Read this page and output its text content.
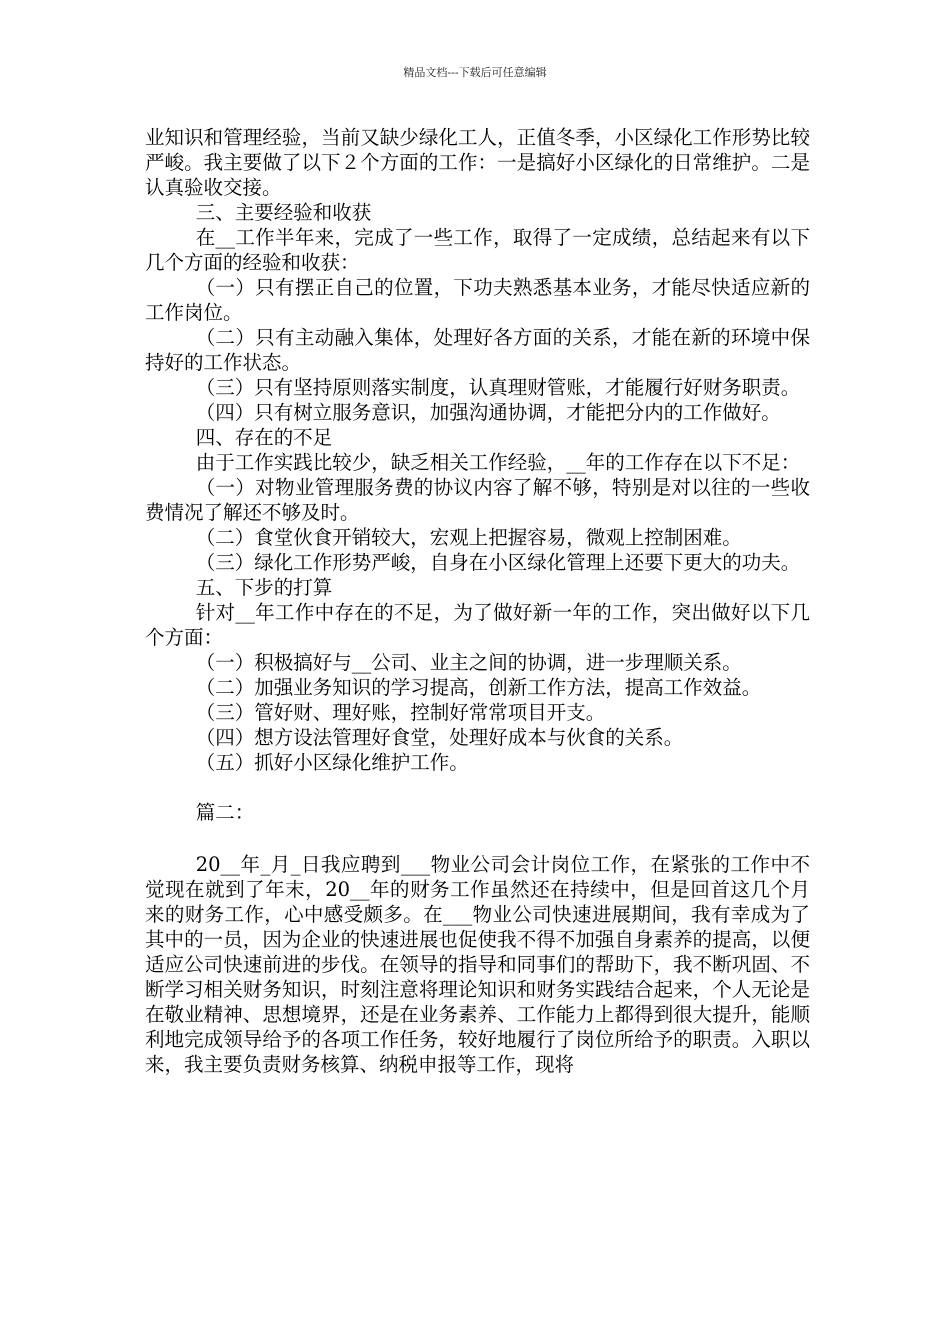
精品文档---下载后可任意编辑

业知识和管理经验，当前又缺少绿化工人，正值冬季，小区绿化工作形势比较严峻。我主要做了以下２个方面的工作：一是搞好小区绿化的日常维护。二是认真验收交接。

三、主要经验和收获

在__工作半年来，完成了一些工作，取得了一定成绩，总结起来有以下几个方面的经验和收获：

（一）只有摆正自己的位置，下功夫熟悉基本业务，才能尽快适应新的工作岗位。

（二）只有主动融入集体，处理好各方面的关系，才能在新的环境中保持好的工作状态。

（三）只有坚持原则落实制度，认真理财管账，才能履行好财务职责。

（四）只有树立服务意识，加强沟通协调，才能把分内的工作做好。

四、存在的不足

由于工作实践比较少，缺乏相关工作经验，__年的工作存在以下不足：

（一）对物业管理服务费的协议内容了解不够，特别是对以往的一些收费情况了解还不够及时。

（二）食堂伙食开销较大，宏观上把握容易，微观上控制困难。

（三）绿化工作形势严峻，自身在小区绿化管理上还要下更大的功夫。

五、下步的打算

针对__年工作中存在的不足，为了做好新一年的工作，突出做好以下几个方面：

（一）积极搞好与__公司、业主之间的协调，进一步理顺关系。

（二）加强业务知识的学习提高，创新工作方法，提高工作效益。

（三）管好财、理好账，控制好常常项目开支。

（四）想方设法管理好食堂，处理好成本与伙食的关系。

（五）抓好小区绿化维护工作。

篇二：

20__年_月_日我应聘到___物业公司会计岗位工作，在紧张的工作中不觉现在就到了年末，20__年的财务工作虽然还在持续中，但是回首这几个月来的财务工作，心中感受颇多。在___物业公司快速进展期间，我有幸成为了其中的一员，因为企业的快速进展也促使我不得不加强自身素养的提高，以便适应公司快速前进的步伐。在领导的指导和同事们的帮助下，我不断巩固、不断学习相关财务知识，时刻注意将理论知识和财务实践结合起来，个人无论是在敬业精神、思想境界，还是在业务素养、工作能力上都得到很大提升，能顺利地完成领导给予的各项工作任务，较好地履行了岗位所给予的职责。入职以来，我主要负责财务核算、纳税申报等工作，现将
